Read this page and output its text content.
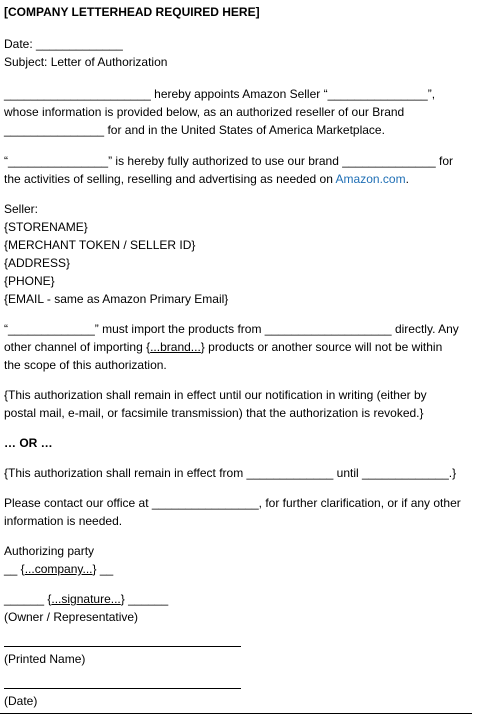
[COMPANY LETTERHEAD REQUIRED HERE]

Date: _____________

Subject: Letter of Authorization

______________________ hereby appoints Amazon Seller “_______________”,

whose information is provided below, as an authorized reseller of our Brand

_______________ for and in the United States of America Marketplace.

“_______________” is hereby fully authorized to use our brand ______________ for

the activities of selling, reselling and advertising as needed on Amazon.com.

Seller:

{STORENAME}

{MERCHANT TOKEN / SELLER ID}

{ADDRESS}

{PHONE}

{EMAIL - same as Amazon Primary Email}

“_____________” must import the products from ___________________ directly. Any

other channel of importing {...brand...} products or another source will not be within

the scope of this authorization.

{This authorization shall remain in effect until our notification in writing (either by

postal mail, e-mail, or facsimile transmission) that the authorization is revoked.}

… OR …

{This authorization shall remain in effect from _____________ until _____________.}

Please contact our office at ________________, for further clarification, or if any other

information is needed.

Authorizing party

__ {...company...} __

______ {...signature...} ______

(Owner / Representative)

(Printed Name)

(Date)
